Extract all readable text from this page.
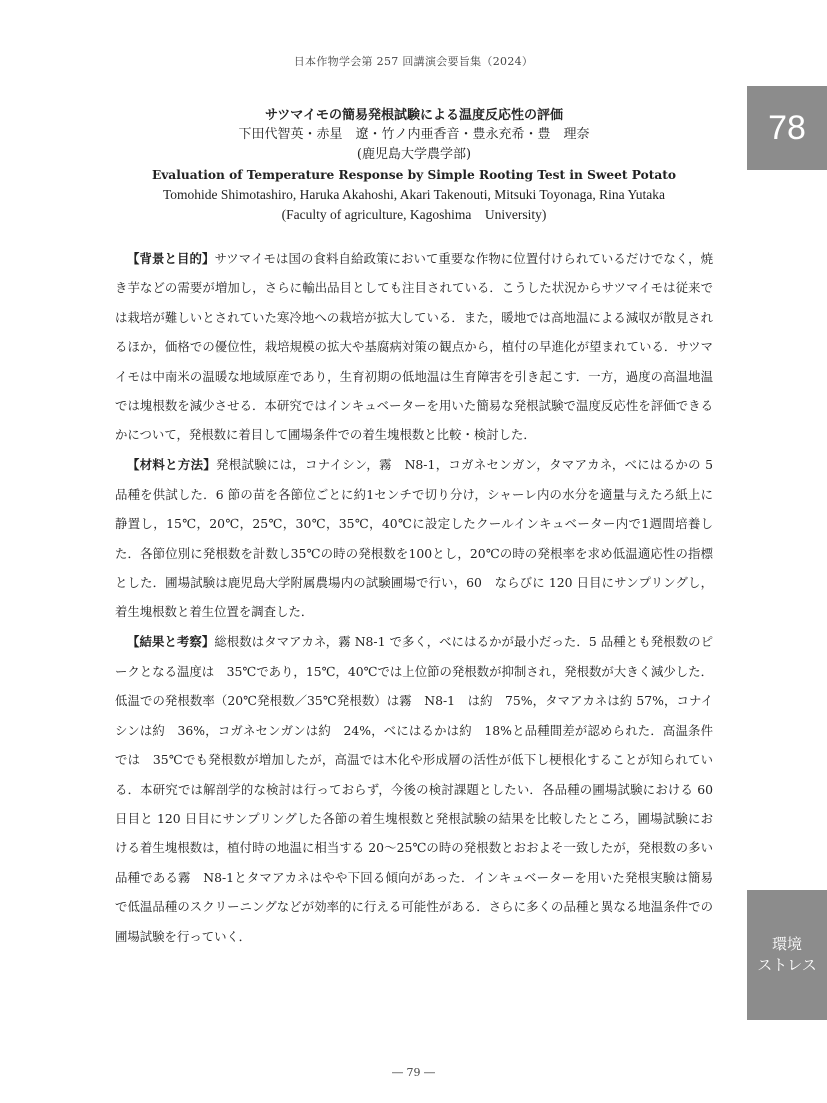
日本作物学会第 257 回講演会要旨集（2024）
78
環境
ストレス
サツマイモの簡易発根試験による温度反応性の評価
下田代智英・赤星　遼・竹ノ内亜香音・豊永充希・豊　理奈
(鹿児島大学農学部)
Evaluation of Temperature Response by Simple Rooting Test in Sweet Potato
Tomohide Shimotashiro, Haruka Akahoshi, Akari Takenouti, Mitsuki Toyonaga, Rina Yutaka
(Faculty of agriculture, Kagoshima　University)

【背景と目的】サツマイモは国の食料自給政策において重要な作物に位置付けられているだけでなく，焼き芋などの需要が増加し，さらに輸出品目としても注目されている．こうした状況からサツマイモは従来では栽培が難しいとされていた寒冷地への栽培が拡大している．また，暖地では高地温による減収が散見されるほか，価格での優位性，栽培規模の拡大や基腐病対策の観点から，植付の早進化が望まれている．サツマイモは中南米の温暖な地域原産であり，生育初期の低地温は生育障害を引き起こす．一方，過度の高温地温では塊根数を減少させる．本研究ではインキュベーターを用いた簡易な発根試験で温度反応性を評価できるかについて，発根数に着目して圃場条件での着生塊根数と比較・検討した．

【材料と方法】発根試験には，コナイシン，霧　N8-1，コガネセンガン，タマアカネ，べにはるかの 5 品種を供試した．6 節の苗を各節位ごとに約1センチで切り分け，シャーレ内の水分を適量与えたろ紙上に静置し，15℃，20℃，25℃，30℃，35℃，40℃に設定したクールインキュベーター内で1週間培養した．各節位別に発根数を計数し35℃の時の発根数を100とし，20℃の時の発根率を求め低温適応性の指標とした．圃場試験は鹿児島大学附属農場内の試験圃場で行い，60　ならびに 120 日目にサンプリングし，着生塊根数と着生位置を調査した．

【結果と考察】総根数はタマアカネ，霧 N8-1 で多く，べにはるかが最小だった．5 品種とも発根数のピークとなる温度は　35℃であり，15℃，40℃では上位節の発根数が抑制され，発根数が大きく減少した．低温での発根数率（20℃発根数／35℃発根数）は霧　N8-1　は約　75%，タマアカネは約 57%，コナイシンは約　36%，コガネセンガンは約　24%，べにはるかは約　18%と品種間差が認められた．高温条件では　35℃でも発根数が増加したが，高温では木化や形成層の活性が低下し梗根化することが知られている．本研究では解剖学的な検討は行っておらず，今後の検討課題としたい．各品種の圃場試験における 60 日目と 120 日目にサンプリングした各節の着生塊根数と発根試験の結果を比較したところ，圃場試験における着生塊根数は，植付時の地温に相当する 20～25℃の時の発根数とおおよそ一致したが，発根数の多い品種である霧　N8-1とタマアカネはやや下回る傾向があった．インキュベーターを用いた発根実験は簡易で低温品種のスクリーニングなどが効率的に行える可能性がある．さらに多くの品種と異なる地温条件での圃場試験を行っていく．

― 79 ―
